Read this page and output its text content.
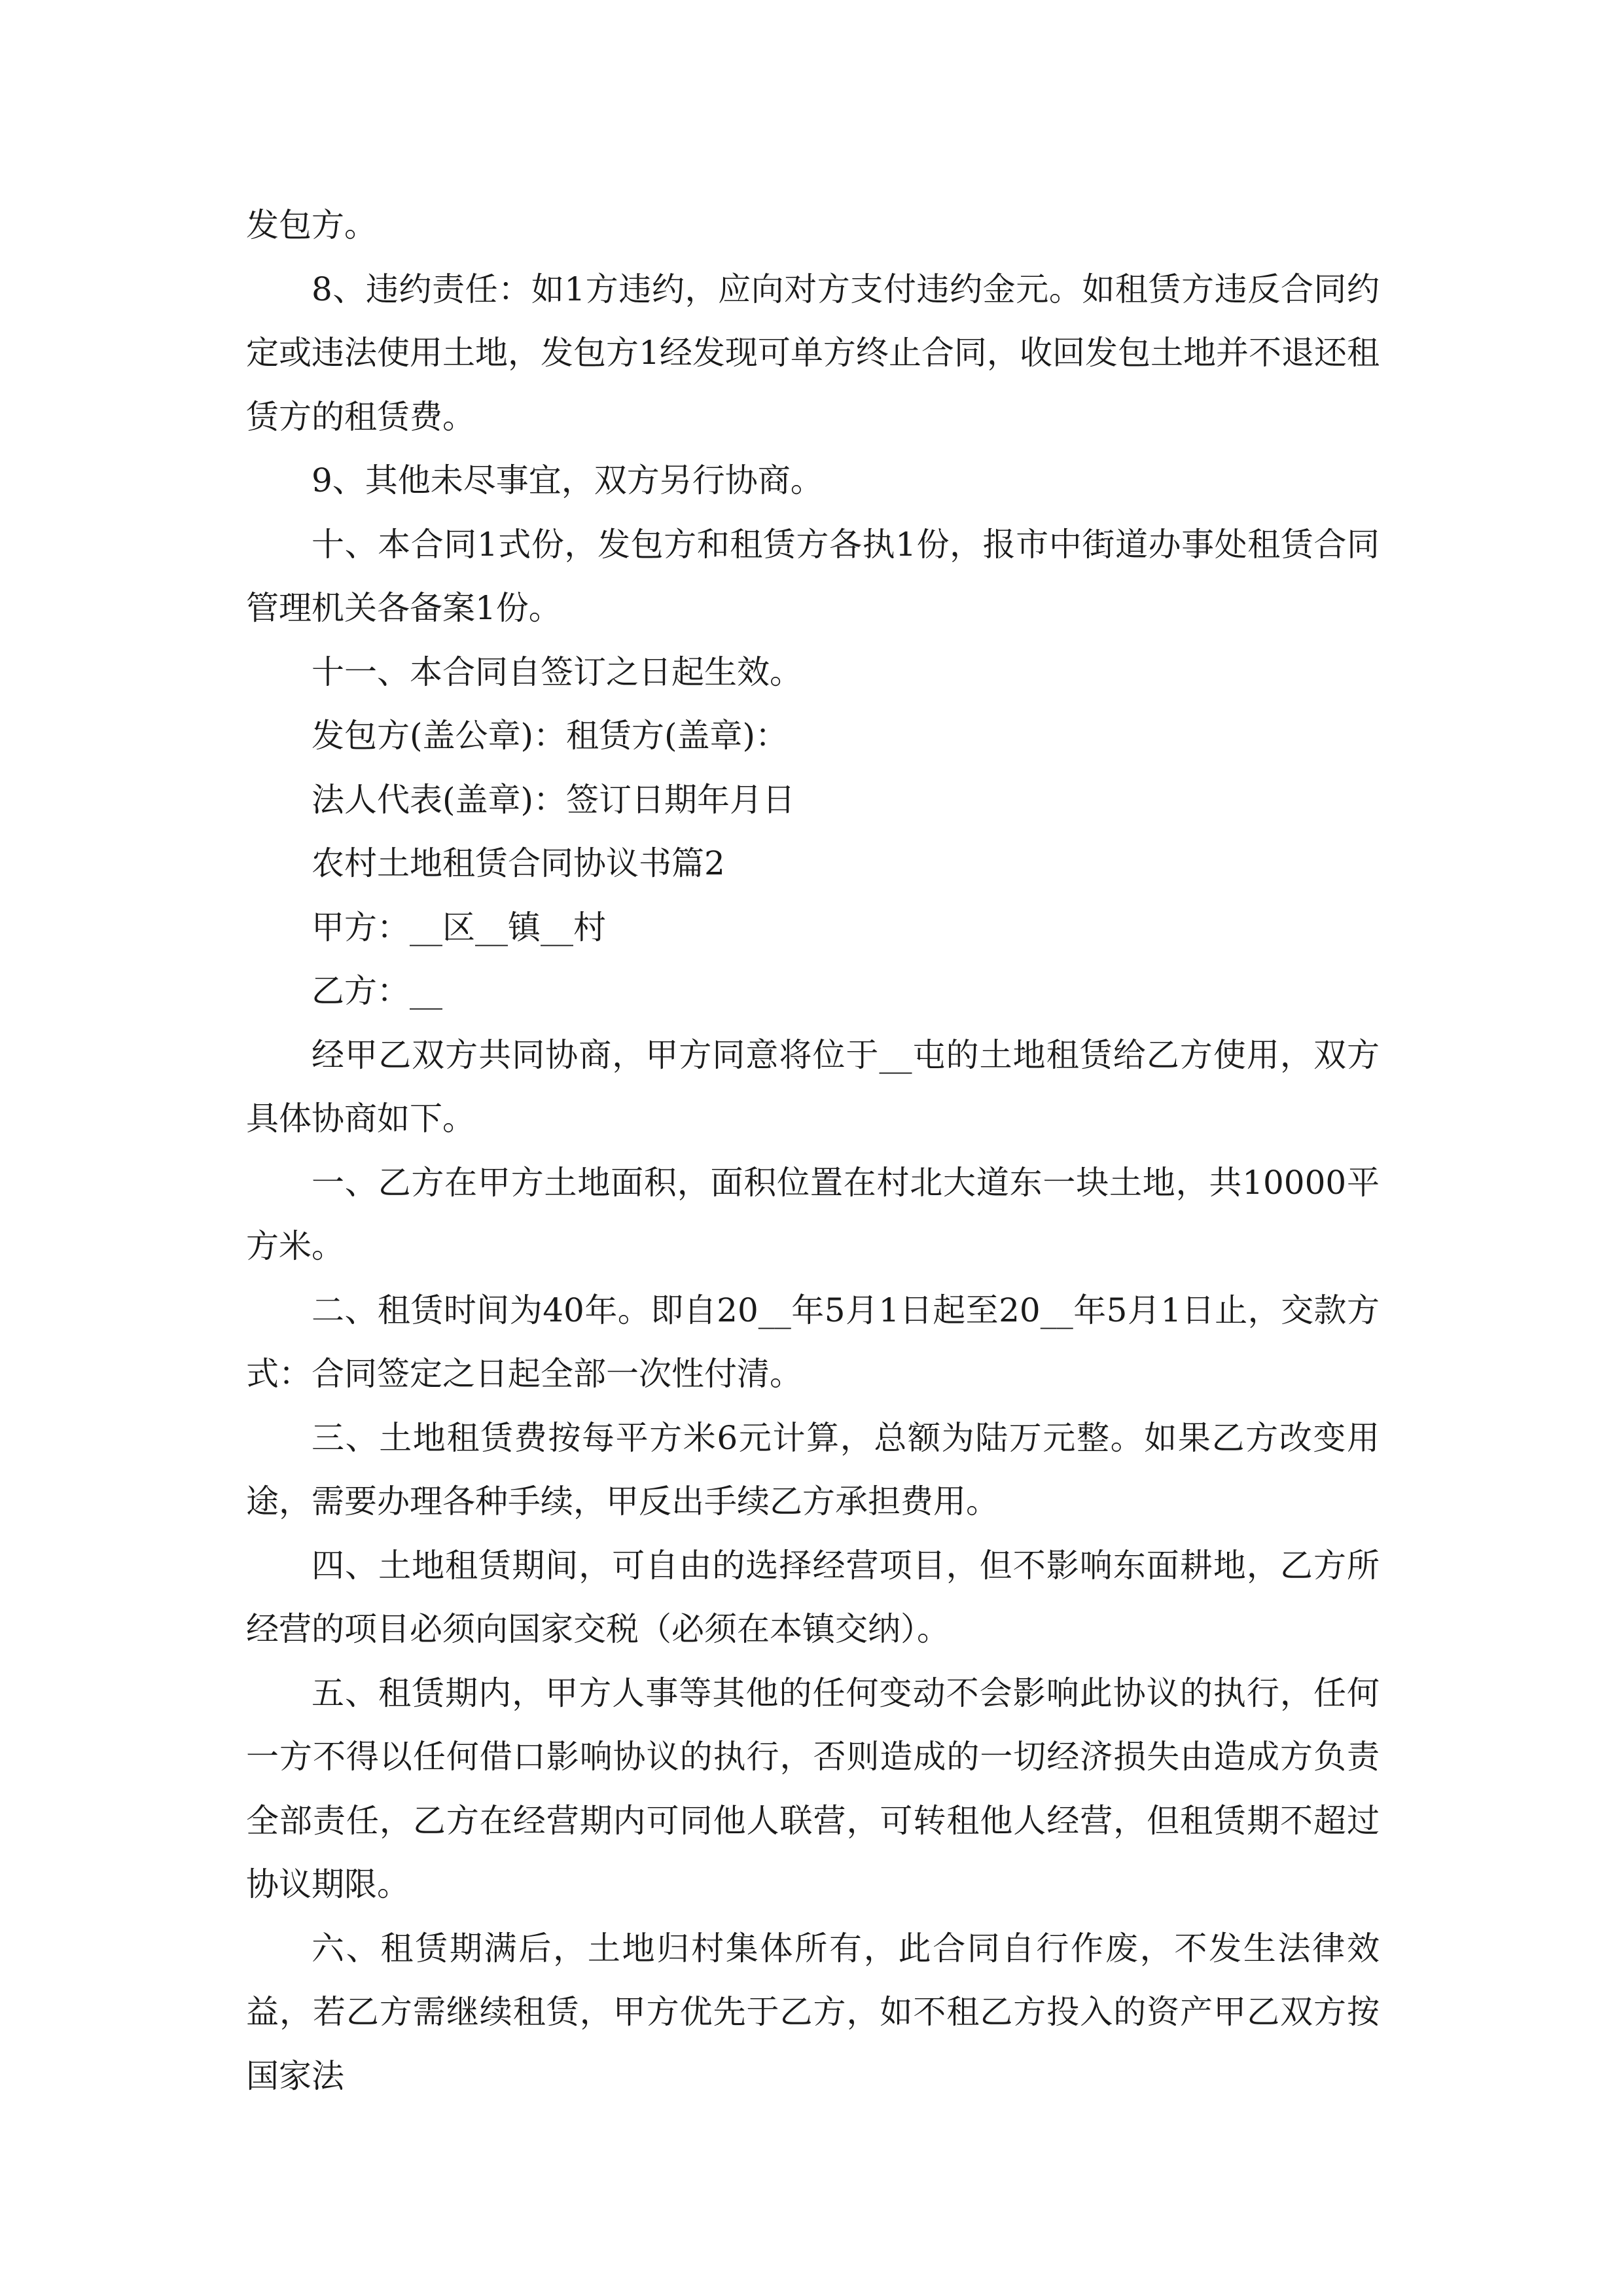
发包方。

8、违约责任：如1方违约，应向对方支付违约金元。如租赁方违反合同约定或违法使用土地，发包方1经发现可单方终止合同，收回发包土地并不退还租赁方的租赁费。

9、其他未尽事宜，双方另行协商。

十、本合同1式份，发包方和租赁方各执1份，报市中街道办事处租赁合同管理机关各备案1份。

十一、本合同自签订之日起生效。

发包方(盖公章)：租赁方(盖章)：

法人代表(盖章)：签订日期年月日

农村土地租赁合同协议书篇2

甲方：__区__镇__村

乙方：__

经甲乙双方共同协商，甲方同意将位于__屯的土地租赁给乙方使用，双方具体协商如下。

一、乙方在甲方土地面积，面积位置在村北大道东一块土地，共10000平方米。

二、租赁时间为40年。即自20__年5月1日起至20__年5月1日止，交款方式：合同签定之日起全部一次性付清。

三、土地租赁费按每平方米6元计算，总额为陆万元整。如果乙方改变用途，需要办理各种手续，甲反出手续乙方承担费用。

四、土地租赁期间，可自由的选择经营项目，但不影响东面耕地，乙方所经营的项目必须向国家交税（必须在本镇交纳）。

五、租赁期内，甲方人事等其他的任何变动不会影响此协议的执行，任何一方不得以任何借口影响协议的执行，否则造成的一切经济损失由造成方负责全部责任，乙方在经营期内可同他人联营，可转租他人经营，但租赁期不超过协议期限。

六、租赁期满后，土地归村集体所有，此合同自行作废，不发生法律效益，若乙方需继续租赁，甲方优先于乙方，如不租乙方投入的资产甲乙双方按国家法
